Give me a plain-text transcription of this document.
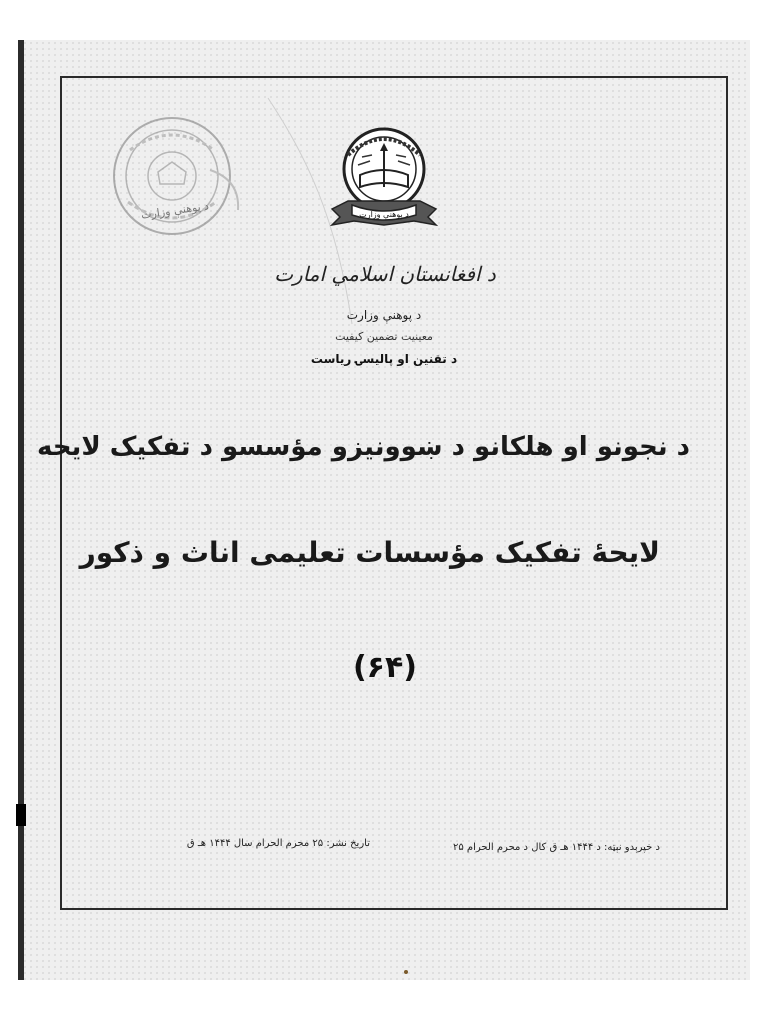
د پوهنې وزارت	د پوهنې وزارت
د افغانستان اسلامي امارت
د پوهنې وزارت
معینیت تضمین کیفیت
د تقنین او پالیسۍ ریاست
د نجونو او هلکانو د ښوونیزو مؤسسو د تفکیک لایحه
لایحۀ تفکیک مؤسسات تعلیمی اناث و ذکور
(۶۴)
تاریخ نشر: ۲۵ محرم الحرام سال ۱۴۴۴ هـ ق	د خپرېدو نېټه: د ۱۴۴۴ هـ ق کال د محرم الحرام ۲۵
